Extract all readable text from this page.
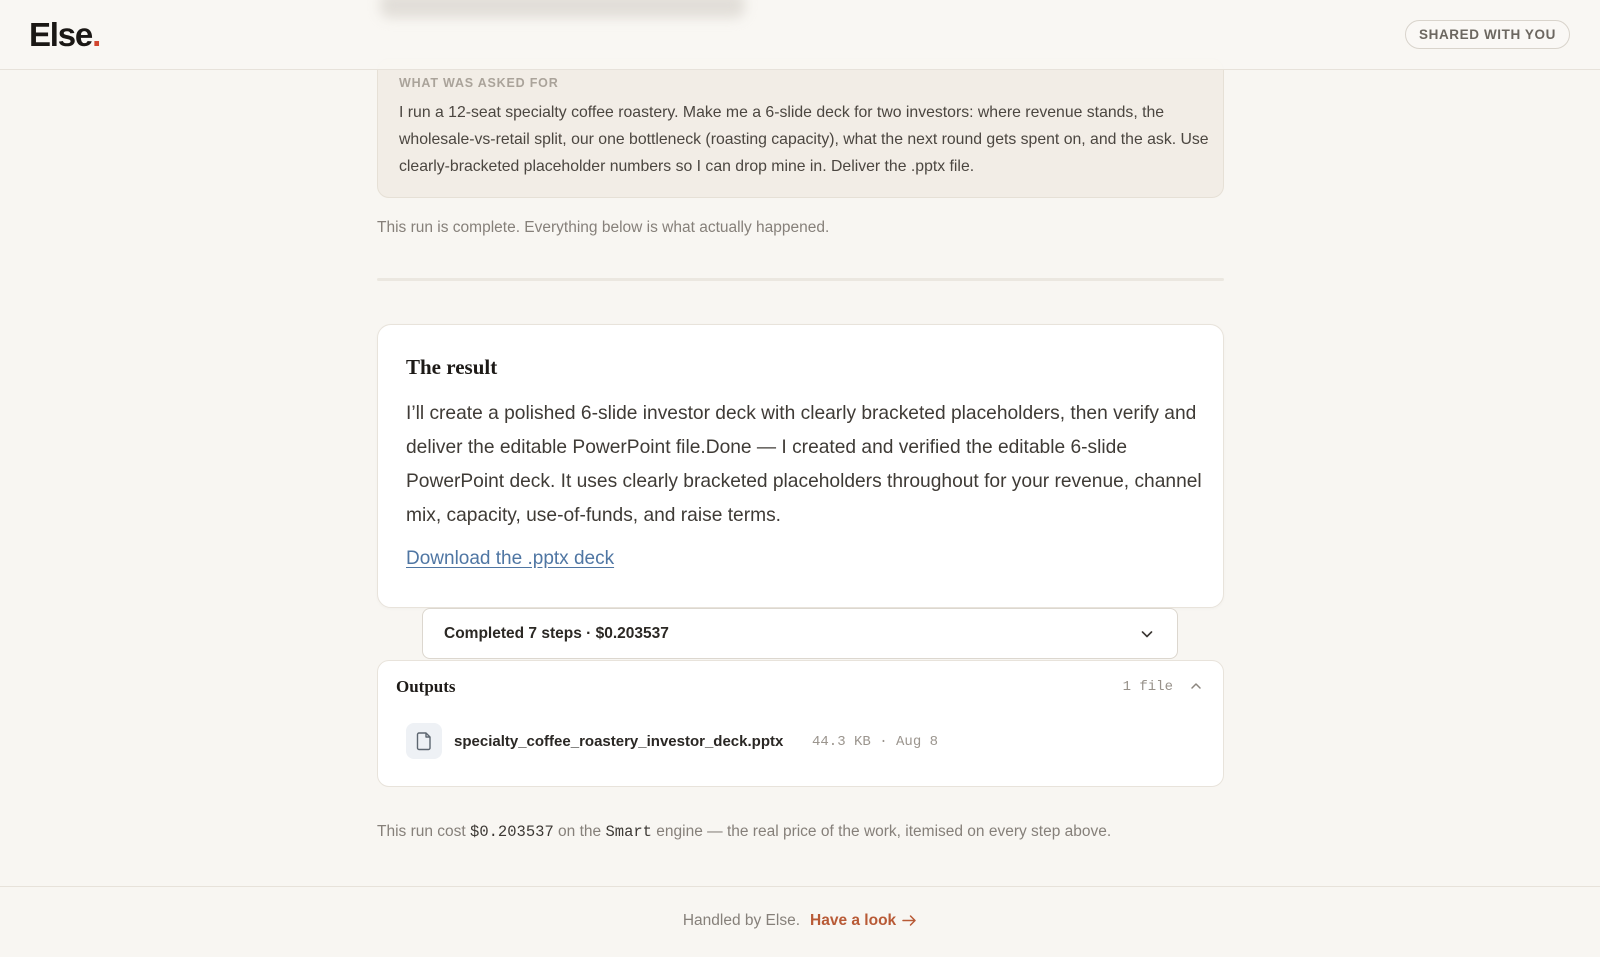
Else.	SHARED WITH YOU
WHAT WAS ASKED FOR
I run a 12-seat specialty coffee roastery. Make me a 6-slide deck for two investors: where revenue stands, the wholesale-vs-retail split, our one bottleneck (roasting capacity), what the next round gets spent on, and the ask. Use clearly-bracketed placeholder numbers so I can drop mine in. Deliver the .pptx file.
This run is complete. Everything below is what actually happened.
The result
I’ll create a polished 6-slide investor deck with clearly bracketed placeholders, then verify and deliver the editable PowerPoint file.Done — I created and verified the editable 6-slide PowerPoint deck. It uses clearly bracketed placeholders throughout for your revenue, channel mix, capacity, use-of-funds, and raise terms.
Download the .pptx deck
Completed 7 steps · $0.203537
Outputs	1 file
specialty_coffee_roastery_investor_deck.pptx 44.3 KB · Aug 8
This run cost $0.203537 on the Smart engine — the real price of the work, itemised on every step above.
Handled by Else. Have a look
